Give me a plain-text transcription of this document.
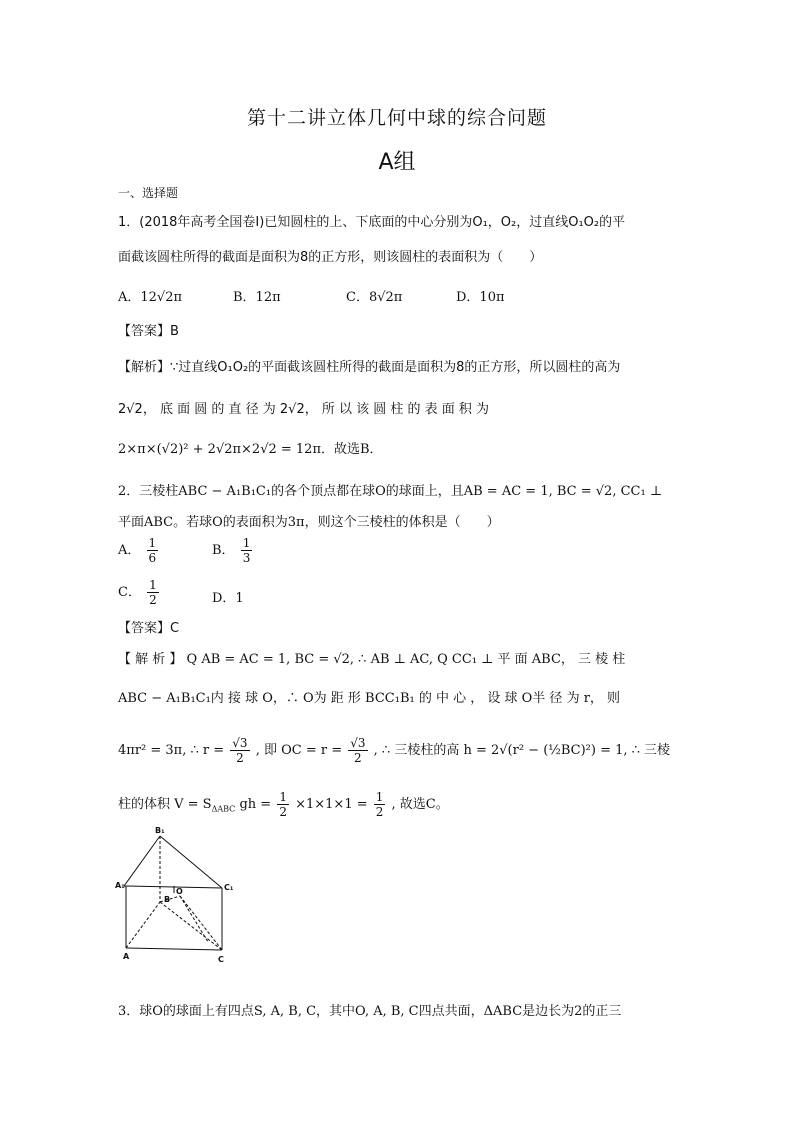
第十二讲立体几何中球的综合问题
A组
一、选择题
1．(2018年高考全国卷Ⅰ)已知圆柱的上、下底面的中心分别为O₁，O₂，过直线O₁O₂的平
面截该圆柱所得的截面是面积为8的正方形，则该圆柱的表面积为（　　）
A．12√2π	B．12π	C．8√2π	D．10π
【答案】B
【解析】∵过直线O₁O₂的平面截该圆柱所得的截面是面积为8的正方形，所以圆柱的高为
2√2， 底 面 圆 的 直 径 为 2√2， 所 以 该 圆 柱 的 表 面 积 为
2×π×(√2)² + 2√2π×2√2 = 12π．故选B．
2．三棱柱ABC − A₁B₁C₁的各个顶点都在球O的球面上，且AB = AC = 1, BC = √2, CC₁ ⊥
平面ABC。若球O的表面积为3π，则这个三棱柱的体积是（　　）
A． $\frac{1}{6}$	B． $\frac{1}{3}$
C． $\frac{1}{2}$	D．1
【答案】C
【 解 析 】 Q AB = AC = 1, BC = √2, ∴ AB ⊥ AC, Q CC₁ ⊥ 平 面 ABC， 三 棱 柱
ABC − A₁B₁C₁内 接 球 O，∴ O为 距 形 BCC₁B₁ 的 中 心 ， 设 球 O半 径 为 r， 则
4πr² = 3π, ∴ $r = \frac{√3}{2}$ , 即 OC = $r = \frac{√3}{2}$ , ∴ 三棱柱的高 h = 2√(r² − (½BC)²) = 1, ∴ 三棱
柱的体积 $V = S_{\Delta ABC}$ gh = $\frac{1}{2} \times 1\times 1\times 1 = \frac{1}{2}$ , 故选C。
B₁
A₁	C₁
O
B
A	C
3．球O的球面上有四点S, A, B, C，其中O, A, B, C四点共面，ΔABC是边长为2的正三
